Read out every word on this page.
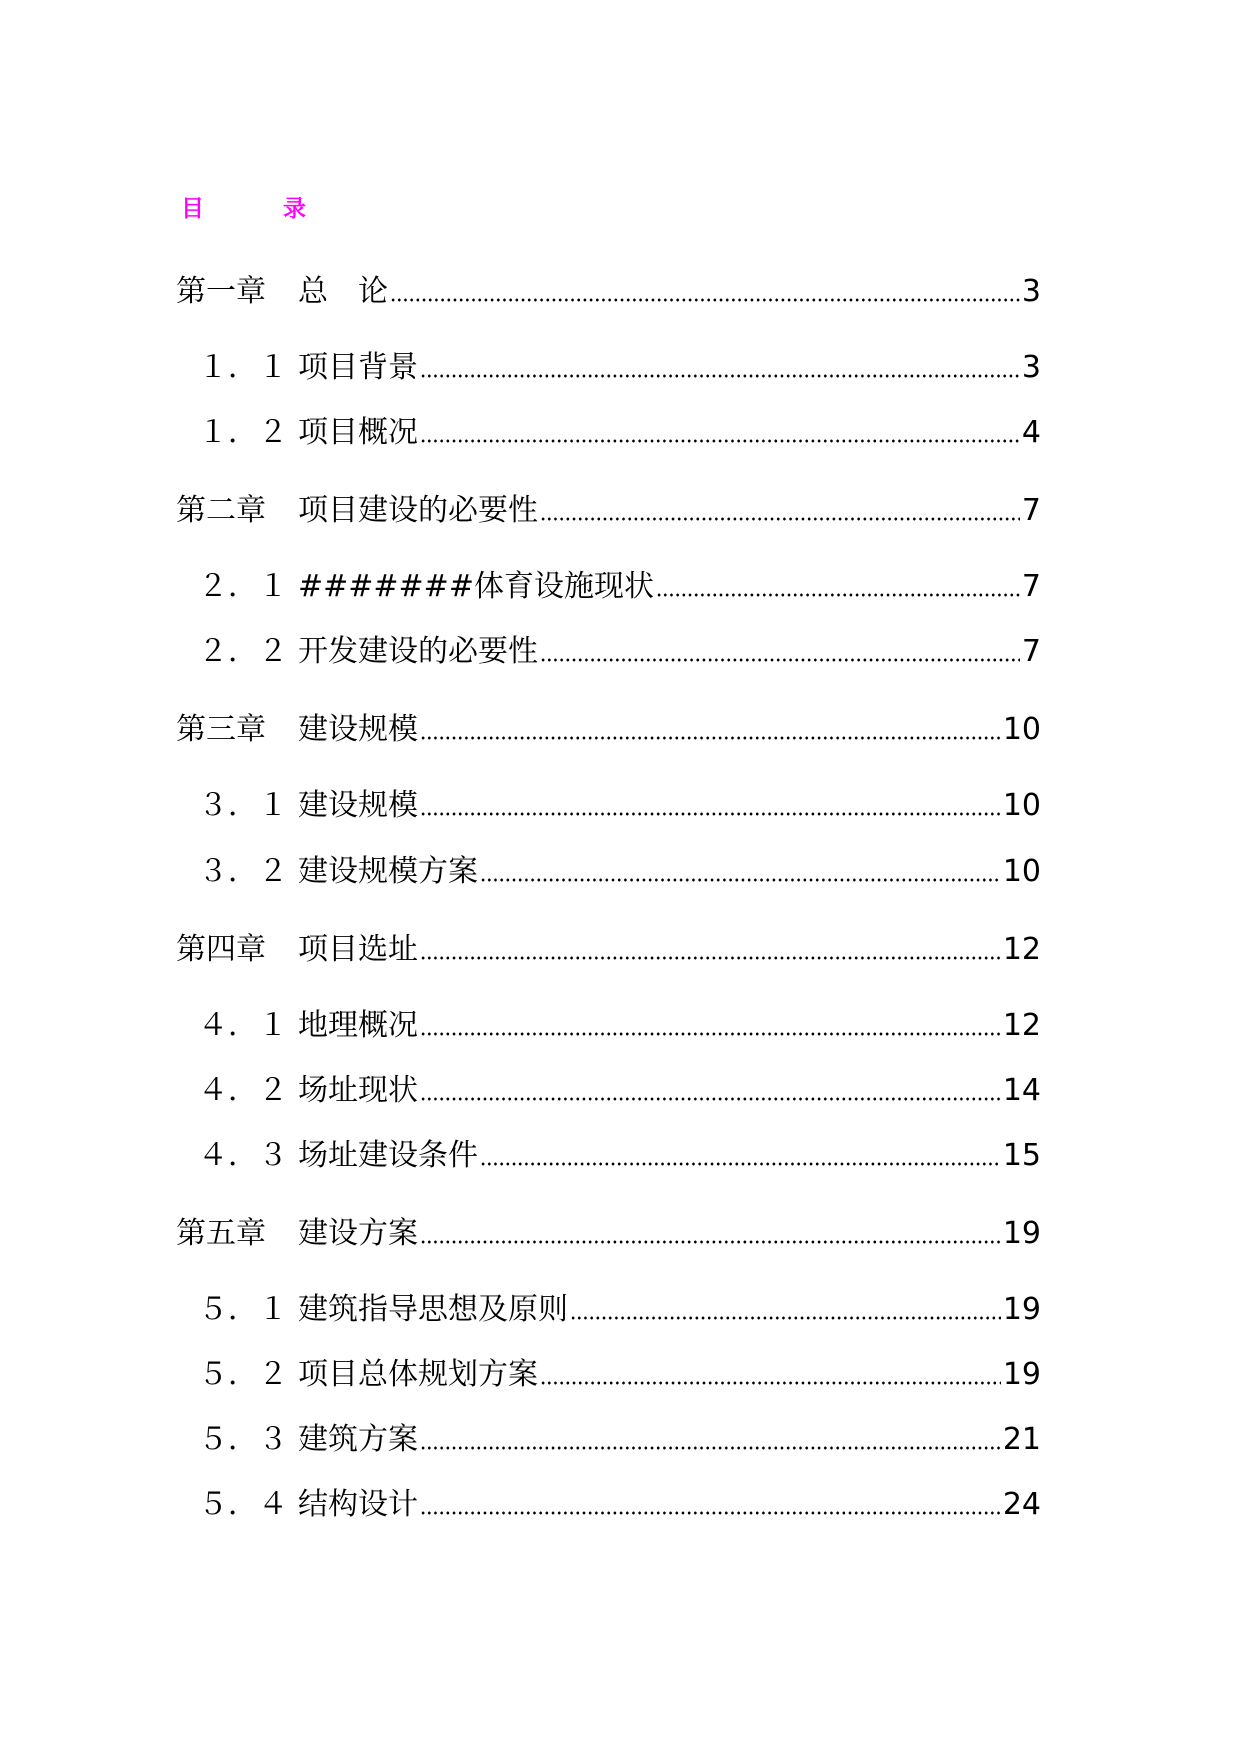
目　录
第一章 总　论	3
１．１ 项目背景	3
１．２ 项目概况	4
第二章 项目建设的必要性	7
２．１ #######体育设施现状	7
２．２ 开发建设的必要性	7
第三章 建设规模	10
３．１ 建设规模	10
３．２ 建设规模方案	10
第四章 项目选址	12
４．１ 地理概况	12
４．２ 场址现状	14
４．３ 场址建设条件	15
第五章 建设方案	19
５．１ 建筑指导思想及原则	19
５．２ 项目总体规划方案	19
５．３ 建筑方案	21
５．４ 结构设计	24
